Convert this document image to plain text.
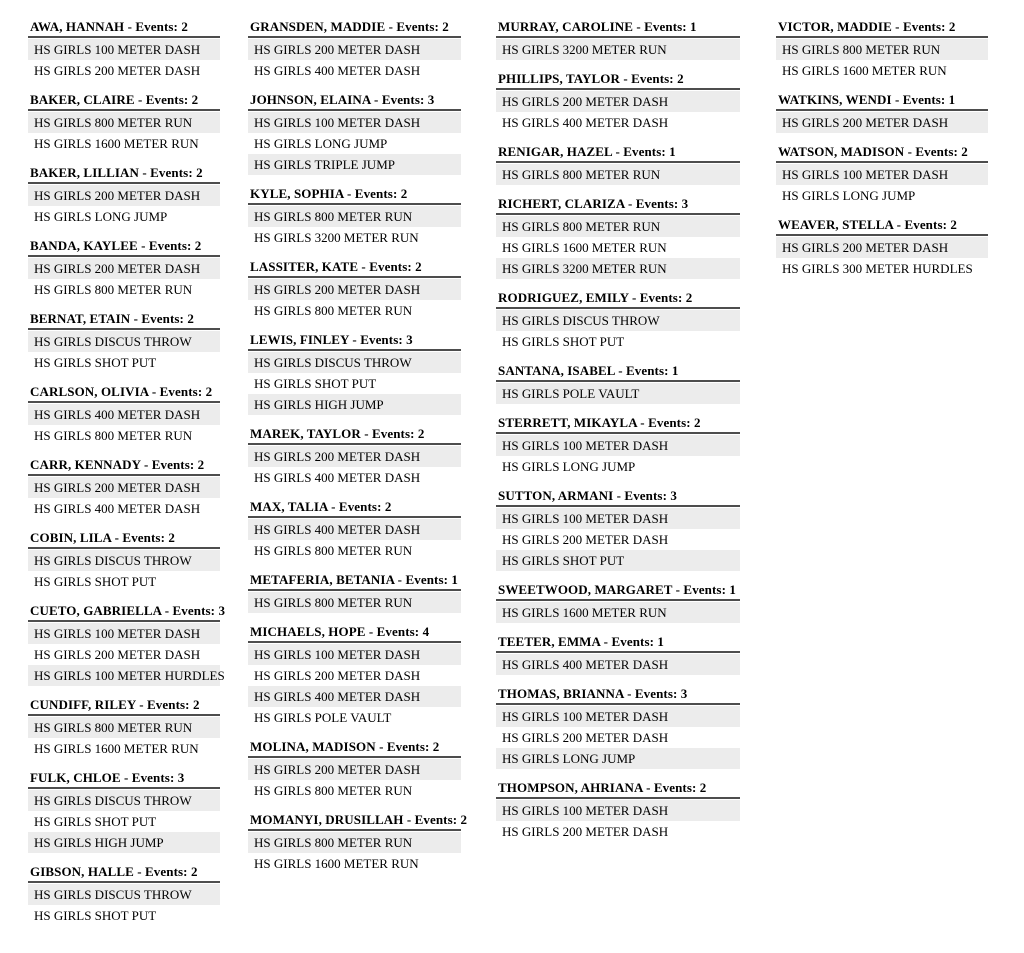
AWA, HANNAH - Events: 2
HS GIRLS 100 METER DASH
HS GIRLS 200 METER DASH
BAKER, CLAIRE - Events: 2
HS GIRLS 800 METER RUN
HS GIRLS 1600 METER RUN
BAKER, LILLIAN - Events: 2
HS GIRLS 200 METER DASH
HS GIRLS LONG JUMP
BANDA, KAYLEE - Events: 2
HS GIRLS 200 METER DASH
HS GIRLS 800 METER RUN
BERNAT, ETAIN - Events: 2
HS GIRLS DISCUS THROW
HS GIRLS SHOT PUT
CARLSON, OLIVIA - Events: 2
HS GIRLS 400 METER DASH
HS GIRLS 800 METER RUN
CARR, KENNADY - Events: 2
HS GIRLS 200 METER DASH
HS GIRLS 400 METER DASH
COBIN, LILA - Events: 2
HS GIRLS DISCUS THROW
HS GIRLS SHOT PUT
CUETO, GABRIELLA - Events: 3
HS GIRLS 100 METER DASH
HS GIRLS 200 METER DASH
HS GIRLS 100 METER HURDLES
CUNDIFF, RILEY - Events: 2
HS GIRLS 800 METER RUN
HS GIRLS 1600 METER RUN
FULK, CHLOE - Events: 3
HS GIRLS DISCUS THROW
HS GIRLS SHOT PUT
HS GIRLS HIGH JUMP
GIBSON, HALLE - Events: 2
HS GIRLS DISCUS THROW
HS GIRLS SHOT PUT
GRANSDEN, MADDIE - Events: 2
HS GIRLS 200 METER DASH
HS GIRLS 400 METER DASH
JOHNSON, ELAINA - Events: 3
HS GIRLS 100 METER DASH
HS GIRLS LONG JUMP
HS GIRLS TRIPLE JUMP
KYLE, SOPHIA - Events: 2
HS GIRLS 800 METER RUN
HS GIRLS 3200 METER RUN
LASSITER, KATE - Events: 2
HS GIRLS 200 METER DASH
HS GIRLS 800 METER RUN
LEWIS, FINLEY - Events: 3
HS GIRLS DISCUS THROW
HS GIRLS SHOT PUT
HS GIRLS HIGH JUMP
MAREK, TAYLOR - Events: 2
HS GIRLS 200 METER DASH
HS GIRLS 400 METER DASH
MAX, TALIA - Events: 2
HS GIRLS 400 METER DASH
HS GIRLS 800 METER RUN
METAFERIA, BETANIA - Events: 1
HS GIRLS 800 METER RUN
MICHAELS, HOPE - Events: 4
HS GIRLS 100 METER DASH
HS GIRLS 200 METER DASH
HS GIRLS 400 METER DASH
HS GIRLS POLE VAULT
MOLINA, MADISON - Events: 2
HS GIRLS 200 METER DASH
HS GIRLS 800 METER RUN
MOMANYI, DRUSILLAH - Events: 2
HS GIRLS 800 METER RUN
HS GIRLS 1600 METER RUN
MURRAY, CAROLINE - Events: 1
HS GIRLS 3200 METER RUN
PHILLIPS, TAYLOR - Events: 2
HS GIRLS 200 METER DASH
HS GIRLS 400 METER DASH
RENIGAR, HAZEL - Events: 1
HS GIRLS 800 METER RUN
RICHERT, CLARIZA - Events: 3
HS GIRLS 800 METER RUN
HS GIRLS 1600 METER RUN
HS GIRLS 3200 METER RUN
RODRIGUEZ, EMILY - Events: 2
HS GIRLS DISCUS THROW
HS GIRLS SHOT PUT
SANTANA, ISABEL - Events: 1
HS GIRLS POLE VAULT
STERRETT, MIKAYLA - Events: 2
HS GIRLS 100 METER DASH
HS GIRLS LONG JUMP
SUTTON, ARMANI - Events: 3
HS GIRLS 100 METER DASH
HS GIRLS 200 METER DASH
HS GIRLS SHOT PUT
SWEETWOOD, MARGARET - Events: 1
HS GIRLS 1600 METER RUN
TEETER, EMMA - Events: 1
HS GIRLS 400 METER DASH
THOMAS, BRIANNA - Events: 3
HS GIRLS 100 METER DASH
HS GIRLS 200 METER DASH
HS GIRLS LONG JUMP
THOMPSON, AHRIANA - Events: 2
HS GIRLS 100 METER DASH
HS GIRLS 200 METER DASH
VICTOR, MADDIE - Events: 2
HS GIRLS 800 METER RUN
HS GIRLS 1600 METER RUN
WATKINS, WENDI - Events: 1
HS GIRLS 200 METER DASH
WATSON, MADISON - Events: 2
HS GIRLS 100 METER DASH
HS GIRLS LONG JUMP
WEAVER, STELLA - Events: 2
HS GIRLS 200 METER DASH
HS GIRLS 300 METER HURDLES
